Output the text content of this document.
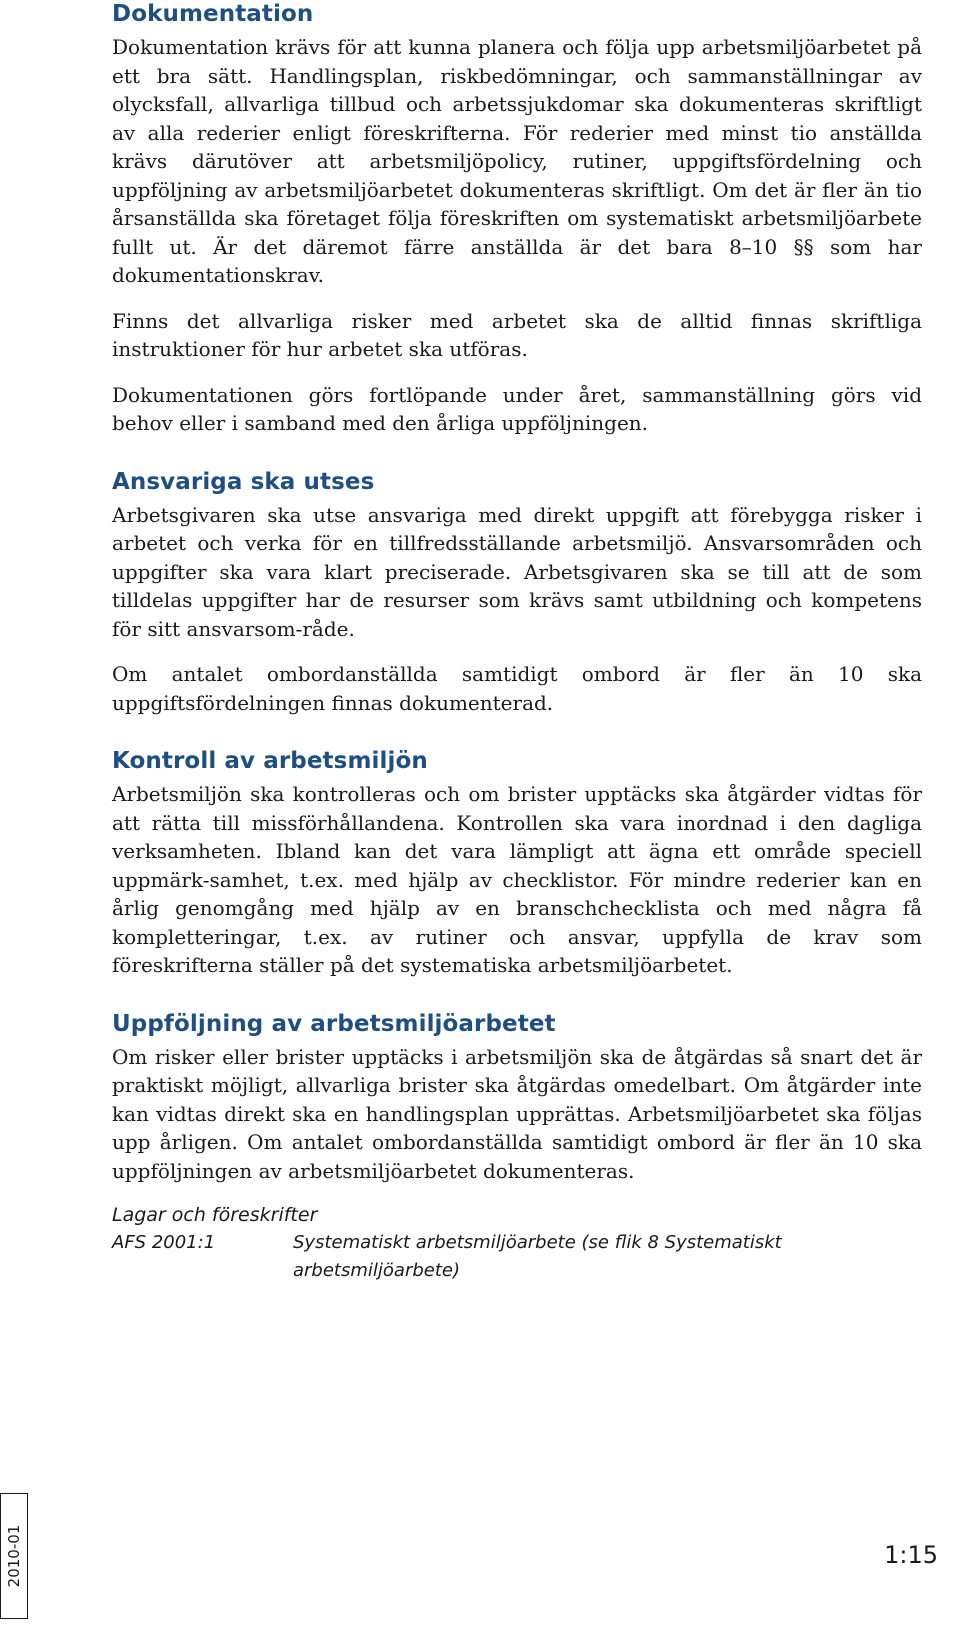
Dokumentation

Dokumentation krävs för att kunna planera och följa upp arbetsmiljöarbetet på ett bra sätt. Handlingsplan, riskbedömningar, och sammanställningar av olycksfall, allvarliga tillbud och arbetssjukdomar ska dokumenteras skriftligt av alla rederier enligt föreskrifterna. För rederier med minst tio anställda krävs därutöver att arbetsmiljöpolicy, rutiner, uppgiftsfördelning och uppföljning av arbetsmiljöarbetet dokumenteras skriftligt. Om det är fler än tio årsanställda ska företaget följa föreskriften om systematiskt arbetsmiljöarbete fullt ut. Är det däremot färre anställda är det bara 8–10 §§ som har dokumentationskrav.

Finns det allvarliga risker med arbetet ska de alltid finnas skriftliga instruktioner för hur arbetet ska utföras.

Dokumentationen görs fortlöpande under året, sammanställning görs vid behov eller i samband med den årliga uppföljningen.

Ansvariga ska utses

Arbetsgivaren ska utse ansvariga med direkt uppgift att förebygga risker i arbetet och verka för en tillfredsställande arbetsmiljö. Ansvarsområden och uppgifter ska vara klart preciserade. Arbetsgivaren ska se till att de som tilldelas uppgifter har de resurser som krävs samt utbildning och kompetens för sitt ansvarsom-råde.

Om antalet ombordanställda samtidigt ombord är fler än 10 ska uppgiftsfördelningen finnas dokumenterad.

Kontroll av arbetsmiljön

Arbetsmiljön ska kontrolleras och om brister upptäcks ska åtgärder vidtas för att rätta till missförhållandena. Kontrollen ska vara inordnad i den dagliga verksamheten. Ibland kan det vara lämpligt att ägna ett område speciell uppmärk-samhet, t.ex. med hjälp av checklistor. För mindre rederier kan en årlig genomgång med hjälp av en branschchecklista och med några få kompletteringar, t.ex. av rutiner och ansvar, uppfylla de krav som föreskrifterna ställer på det systematiska arbetsmiljöarbetet.

Uppföljning av arbetsmiljöarbetet

Om risker eller brister upptäcks i arbetsmiljön ska de åtgärdas så snart det är praktiskt möjligt, allvarliga brister ska åtgärdas omedelbart. Om åtgärder inte kan vidtas direkt ska en handlingsplan upprättas. Arbetsmiljöarbetet ska följas upp årligen. Om antalet ombordanställda samtidigt ombord är fler än 10 ska uppföljningen av arbetsmiljöarbetet dokumenteras.

Lagar och föreskrifter

AFS 2001:1	Systematiskt arbetsmiljöarbete (se flik 8 Systematiskt arbetsmiljöarbete)
2010-01	1:15
